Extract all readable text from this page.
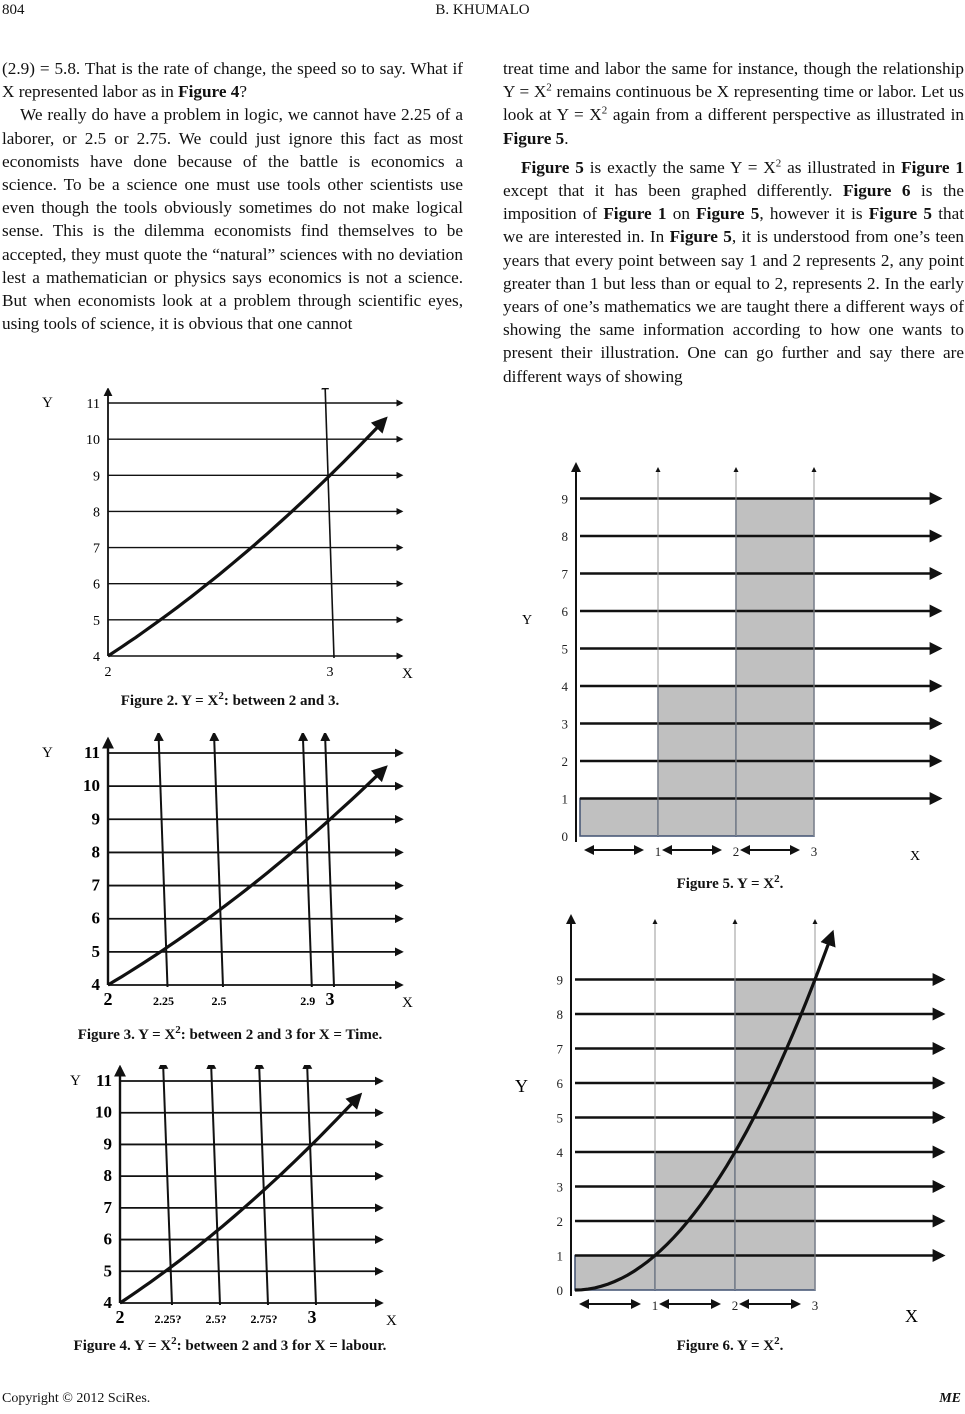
804	B. KHUMALO

(2.9) = 5.8. That is the rate of change, the speed so to say. What if X represented labor as in Figure 4?

We really do have a problem in logic, we cannot have 2.25 of a laborer, or 2.5 or 2.75. We could just ignore this fact as most economists have done because of the battle is economics a science. To be a science one must use tools other scientists use even though the tools obviously sometimes do not make logical sense. This is the dilemma economists find themselves to be accepted, they must quote the “natural” sciences with no deviation lest a mathematician or physics says economics is not a science. But when economists look at a problem through scientific eyes, using tools of science, it is obvious that one cannot

treat time and labor the same for instance, though the relationship $Y = X^2$ remains continuous be X representing time or labor. Let us look at $Y = X^2$ again from a different perspective as illustrated in Figure 5.

Figure 5 is exactly the same $Y = X^2$ as illustrated in Figure 1 except that it has been graphed differently. Figure 6 is the imposition of Figure 1 on Figure 5, however it is Figure 5 that we are interested in. In Figure 5, it is understood from one’s teen years that every point between say 1 and 2 represents 2, any point greater than 1 but less than or equal to 2, represents 2. In the early years of one’s mathematics we are taught there a different ways of showing the same information according to how one wants to present their illustration. One can go further and say there are different ways of showing

4
5
6
7
8
9
10
11
2	3
Y
X
Figure 2. $Y = X^2$: between 2 and 3.
4
5
6
7
8
9
10
11
2	2.25	2.5	2.9 3
Y
X
Figure 3. $Y = X^2$: between 2 and 3 for X = Time.
4
5
6
7
8
9
10
11
2	2.25? 2.5? 2.75? 3
Y
X
Figure 4. $Y = X^2$: between 2 and 3 for X = labour.
0
1
2
3
4
5
6
7
8
9
1	2	3
Y
X
Figure 5. $Y = X^2$.
0
1
2
3
4
5
6
7
8
9
1	2	3
Y
X
Figure 6. $Y = X^2$.
Copyright © 2012 SciRes.	ME
